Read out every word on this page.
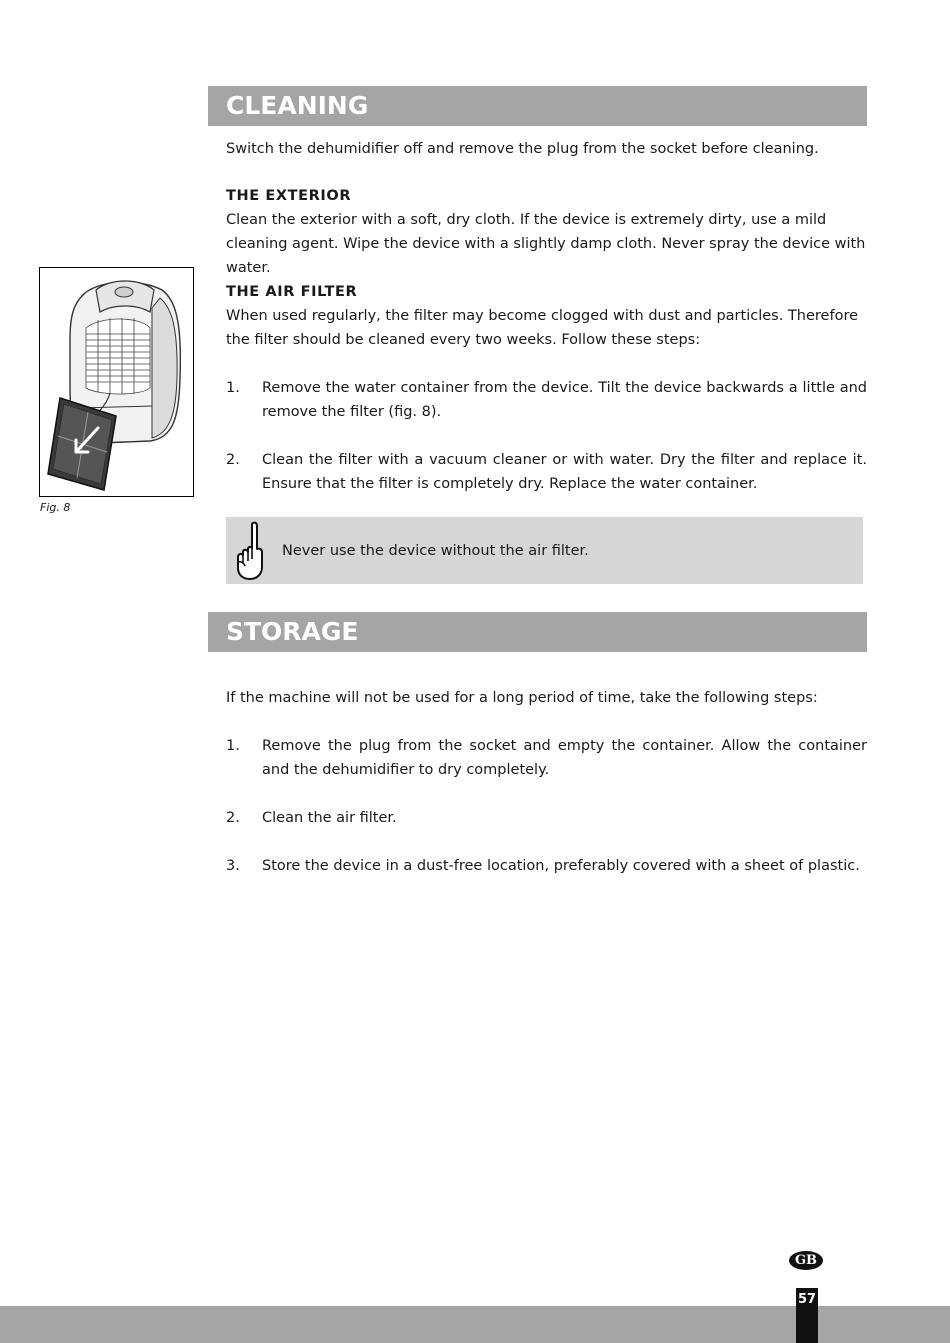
CLEANING
Switch the dehumidifier off and remove the plug from the socket before cleaning.
THE EXTERIOR
Clean the exterior with a soft, dry cloth. If the device is extremely dirty, use a mild cleaning agent. Wipe the device with a slightly damp cloth. Never spray the device with water.
THE AIR FILTER
When used regularly, the filter may become clogged with dust and particles. Therefore the filter should be cleaned every two weeks. Follow these steps:
1. Remove the water container from the device. Tilt the device backwards a little and remove the filter (fig. 8).
2. Clean the filter with a vacuum cleaner or with water. Dry the filter and replace it. Ensure that the filter is completely dry. Replace the water container.
Never use the device without the air filter.
Fig. 8
STORAGE
If the machine will not be used for a long period of time, take the following steps:
1. Remove the plug from the socket and empty the container. Allow the container and the dehumidifier to dry completely.
2. Clean the air filter.
3. Store the device in a dust-free location, preferably covered with a sheet of plastic.
GB
57
